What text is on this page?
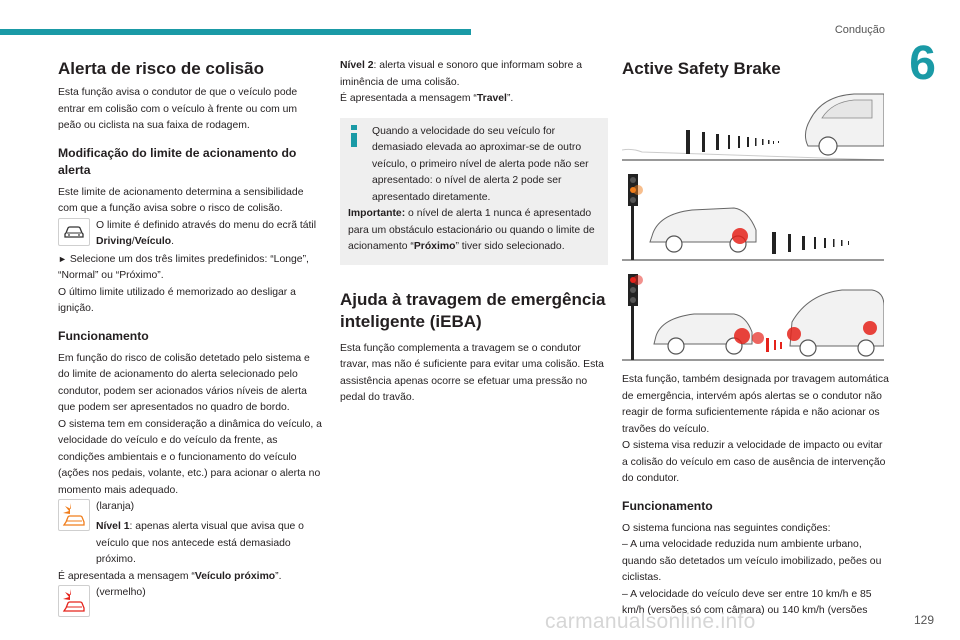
Condução
6
Alerta de risco de colisão

Esta função avisa o condutor de que o veículo pode entrar em colisão com o veículo à frente ou com um peão ou ciclista na sua faixa de rodagem.

Modificação do limite de acionamento do alerta

Este limite de acionamento determina a sensibilidade com que a função avisa sobre o risco de colisão.

O limite é definido através do menu do ecrã tátil Driving/Veículo.

► Selecione um dos três limites predefinidos: “Longe”, “Normal” ou “Próximo”.

O último limite utilizado é memorizado ao desligar a ignição.

Funcionamento

Em função do risco de colisão detetado pelo sistema e do limite de acionamento do alerta selecionado pelo condutor, podem ser acionados vários níveis de alerta que podem ser apresentados no quadro de bordo.

O sistema tem em consideração a dinâmica do veículo, a velocidade do veículo e do veículo da frente, as condições ambientais e o funcionamento do veículo (ações nos pedais, volante, etc.) para acionar o alerta no momento mais adequado.

(laranja)

Nível 1: apenas alerta visual que avisa que o veículo que nos antecede está demasiado próximo.

É apresentada a mensagem “Veículo próximo”.

(vermelho)

Nível 2: alerta visual e sonoro que informam sobre a iminência de uma colisão.

É apresentada a mensagem “Travel”.

Quando a velocidade do seu veículo for demasiado elevada ao aproximar-se de outro veículo, o primeiro nível de alerta pode não ser apresentado: o nível de alerta 2 pode ser apresentado diretamente.

Importante: o nível de alerta 1 nunca é apresentado para um obstáculo estacionário ou quando o limite de acionamento “Próximo” tiver sido selecionado.

Ajuda à travagem de emergência inteligente (iEBA)

Esta função complementa a travagem se o condutor travar, mas não é suficiente para evitar uma colisão. Esta assistência apenas ocorre se efetuar uma pressão no pedal do travão.

Active Safety Brake

Esta função, também designada por travagem automática de emergência, intervém após alertas se o condutor não reagir de forma suficientemente rápida e não acionar os travões do veículo.

O sistema visa reduzir a velocidade de impacto ou evitar a colisão do veículo em caso de ausência de intervenção do condutor.

Funcionamento

O sistema funciona nas seguintes condições:

– A uma velocidade reduzida num ambiente urbano, quando são detetados um veículo imobilizado, peões ou ciclistas.

– A velocidade do veículo deve ser entre 10 km/h e 85 km/h (versões só com câmara) ou 140 km/h (versões

carmanualsonline.info	129
